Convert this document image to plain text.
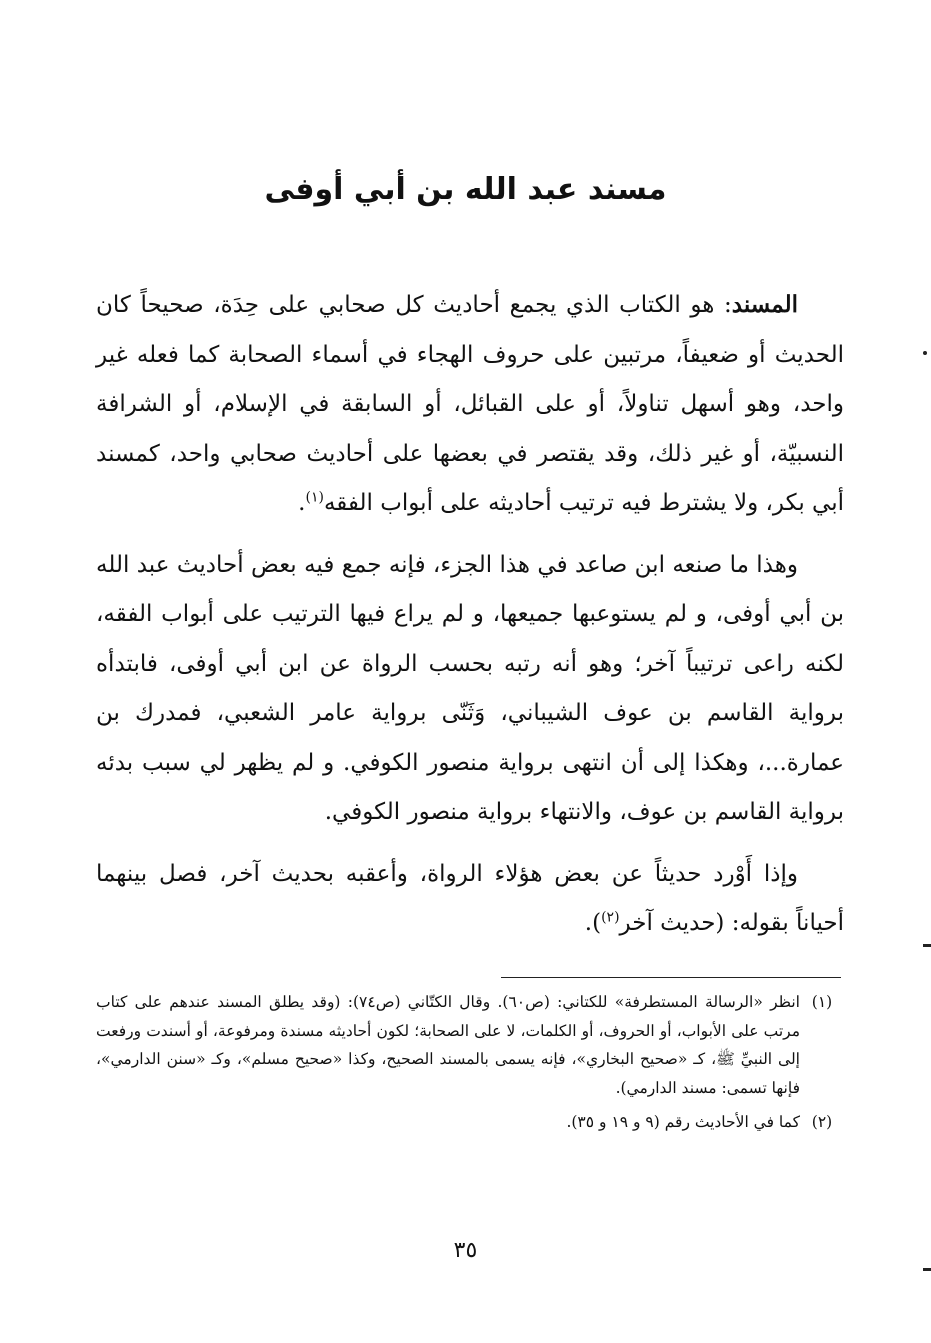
مسند عبد الله بن أبي أوفى

المسند: هو الكتاب الذي يجمع أحاديث كل صحابي على حِدَة، صحيحاً كان الحديث أو ضعيفاً، مرتبين على حروف الهجاء في أسماء الصحابة كما فعله غير واحد، وهو أسهل تناولاً، أو على القبائل، أو السابقة في الإسلام، أو الشرافة النسبيّة، أو غير ذلك، وقد يقتصر في بعضها على أحاديث صحابي واحد، كمسند أبي بكر، ولا يشترط فيه ترتيب أحاديثه على أبواب الفقه$^{(١)}$.

وهذا ما صنعه ابن صاعد في هذا الجزء، فإنه جمع فيه بعض أحاديث عبد الله بن أبي أوفى، و لم يستوعبها جميعها، و لم يراع فيها الترتيب على أبواب الفقه، لكنه راعى ترتيباً آخر؛ وهو أنه رتبه بحسب الرواة عن ابن أبي أوفى، فابتدأه برواية القاسم بن عوف الشيباني، وَثَنّى برواية عامر الشعبي، فمدرك بن عمارة...، وهكذا إلى أن انتهى برواية منصور الكوفي. و لم يظهر لي سبب بدئه برواية القاسم بن عوف، والانتهاء برواية منصور الكوفي.

وإذا أَوْرد حديثاً عن بعض هؤلاء الرواة، وأعقبه بحديث آخر، فصل بينهما أحياناً بقوله: (حديث آخر$^{(٢)}$).

(١)
انظر «الرسالة المستطرفة» للكتاني: (ص٦٠). وقال الكتّاني (ص٧٤): (وقد يطلق المسند عندهم على كتاب مرتب على الأبواب، أو الحروف، أو الكلمات، لا على الصحابة؛ لكون أحاديثه مسندة ومرفوعة، أو أسندت ورفعت إلى النبيِّ ﷺ، كـ «صحيح البخاري»، فإنه يسمى بالمسند الصحيح، وكذا «صحيح مسلم»، وكـ «سنن الدارمي»، فإنها تسمى: مسند الدارمي).
(٢)
كما في الأحاديث رقم (٩ و ١٩ و ٣٥).
٣٥
